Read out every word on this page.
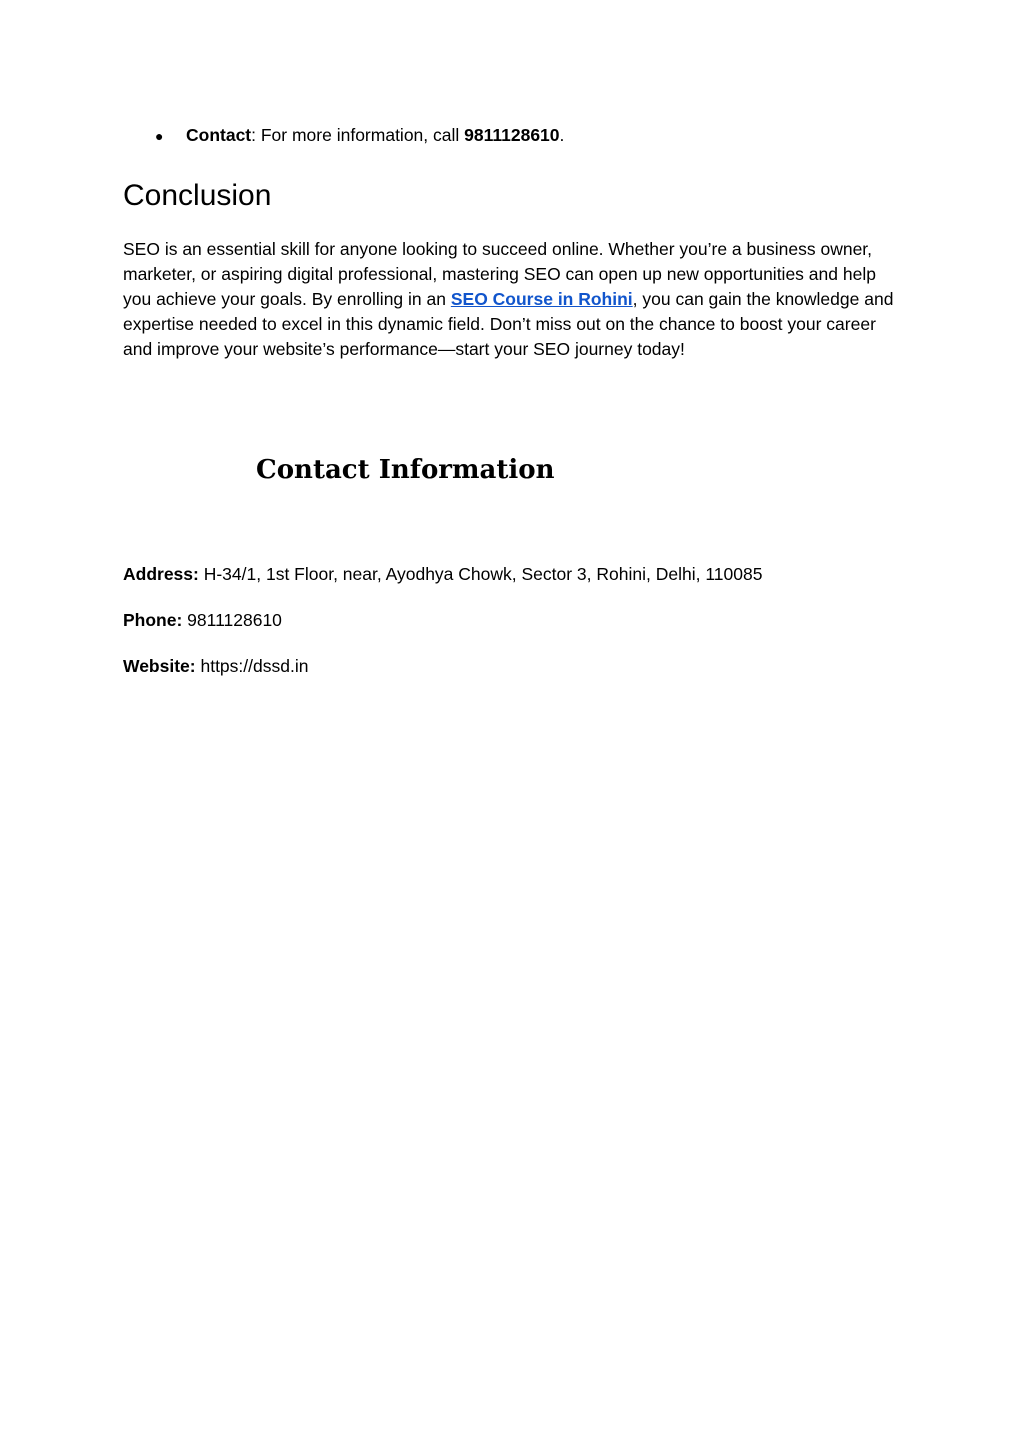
● Contact: For more information, call 9811128610.
Conclusion

SEO is an essential skill for anyone looking to succeed online. Whether you’re a business owner, marketer, or aspiring digital professional, mastering SEO can open up new opportunities and help you achieve your goals. By enrolling in an SEO Course in Rohini, you can gain the knowledge and expertise needed to excel in this dynamic field. Don’t miss out on the chance to boost your career and improve your website’s performance—start your SEO journey today!

Contact Information

Address: H-34/1, 1st Floor, near, Ayodhya Chowk, Sector 3, Rohini, Delhi, 110085

Phone: 9811128610

Website: https://dssd.in
